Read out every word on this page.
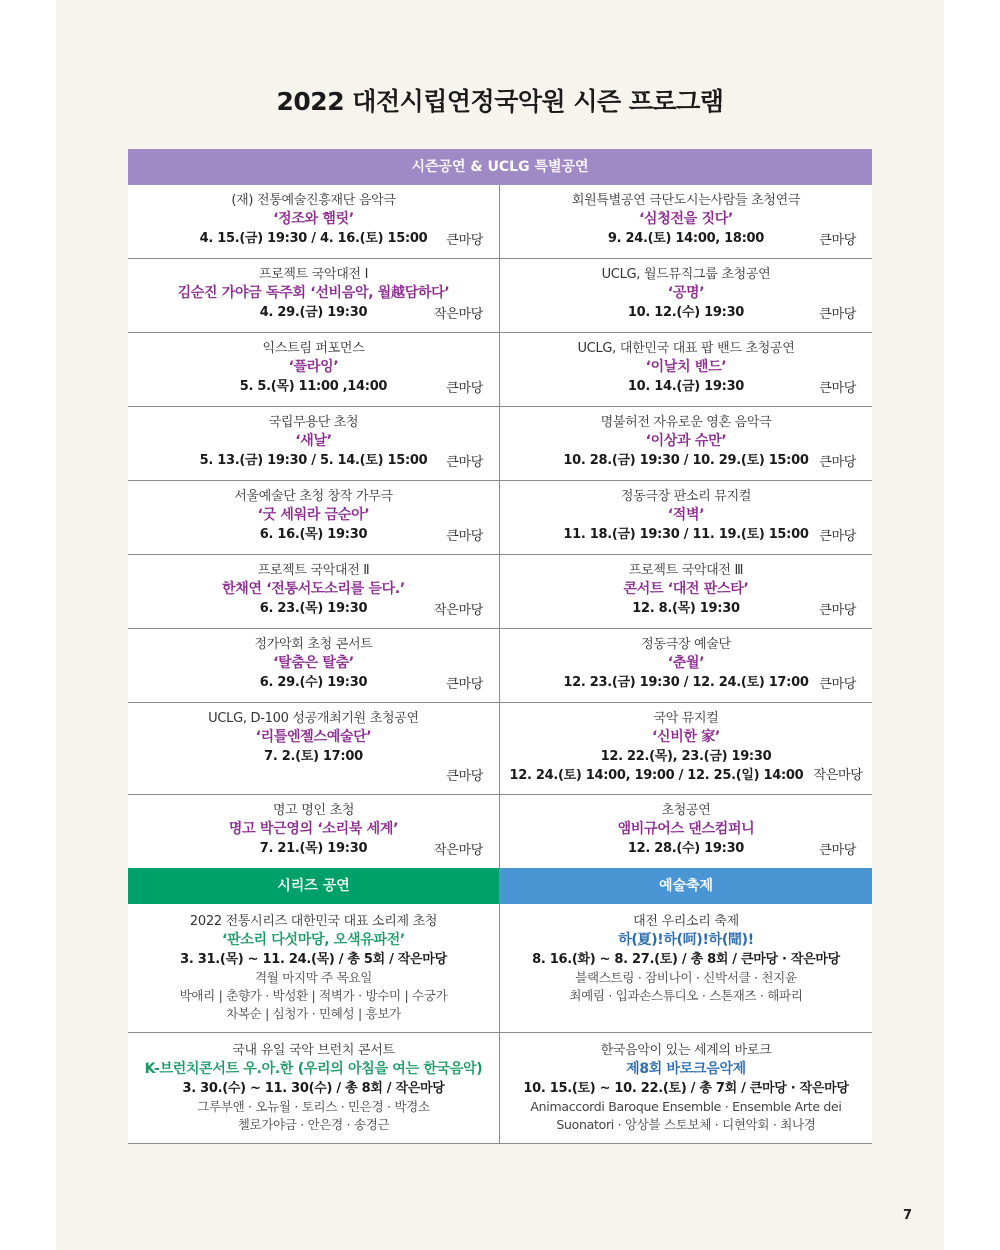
2022 대전시립연정국악원 시즌 프로그램
시즌공연 & UCLG 특별공연
(재) 전통예술진흥재단 음악극
‘정조와 햄릿’
4. 15.(금) 19:30 / 4. 16.(토) 15:00	큰마당
회원특별공연 극단도시는사람들 초청연극
‘심청전을 짓다’
9. 24.(토) 14:00, 18:00	큰마당
프로젝트 국악대전 Ⅰ
김순진 가야금 독주회 ‘선비음악, 월越담하다’
4. 29.(금) 19:30	작은마당
UCLG, 월드뮤직그룹 초청공연
‘공명’
10. 12.(수) 19:30	큰마당
익스트림 퍼포먼스
‘플라잉’
5. 5.(목) 11:00 ,14:00	큰마당
UCLG, 대한민국 대표 팝 밴드 초청공연
‘이날치 밴드’
10. 14.(금) 19:30	큰마당
국립무용단 초청
‘새날’
5. 13.(금) 19:30 / 5. 14.(토) 15:00	큰마당
명불허전 자유로운 영혼 음악극
‘이상과 슈만’
10. 28.(금) 19:30 / 10. 29.(토) 15:00 큰마당
서울예술단 초청 창작 가무극
‘굿 세워라 금순아’
6. 16.(목) 19:30	큰마당
정동극장 판소리 뮤지컬
‘적벽’
11. 18.(금) 19:30 / 11. 19.(토) 15:00 큰마당
프로젝트 국악대전 Ⅱ
한채연 ‘전통서도소리를 듣다.’
6. 23.(목) 19:30	작은마당
프로젝트 국악대전 Ⅲ
콘서트 ‘대전 판스타’
12. 8.(목) 19:30	큰마당
정가악회 초청 콘서트
‘탈춤은 탈춤’
6. 29.(수) 19:30	큰마당
정동극장 예술단
‘춘월’
12. 23.(금) 19:30 / 12. 24.(토) 17:00 큰마당
UCLG, D-100 성공개최기원 초청공연
‘리틀엔젤스예술단’
7. 2.(토) 17:00
큰마당
국악 뮤지컬
‘신비한 家’
12. 22.(목), 23.(금) 19:30
12. 24.(토) 14:00, 19:00 / 12. 25.(일) 14:00 작은마당
명고 명인 초청
명고 박근영의 ‘소리북 세계’
7. 21.(목) 19:30	작은마당
초청공연
앰비규어스 댄스컴퍼니
12. 28.(수) 19:30	큰마당
시리즈 공연	예술축제
2022 전통시리즈 대한민국 대표 소리제 초청
‘판소리 다섯마당, 오색유파전’
3. 31.(목) ~ 11. 24.(목) / 총 5회 / 작은마당
격월 마지막 주 목요일
박애리 | 춘향가 · 박성환 | 적벽가 · 방수미 | 수궁가
차복순 | 심청가 · 민혜성 | 흥보가
대전 우리소리 축제
하(夏)!하(呵)!하(閜)!
8. 16.(화) ~ 8. 27.(토) / 총 8회 / 큰마당 · 작은마당
블랙스트링 · 잠비나이 · 신박서클 · 천지윤
최예림 · 입과손스튜디오 · 스톤재즈 · 해파리
국내 유일 국악 브런치 콘서트
K-브런치콘서트 우.아.한 (우리의 아침을 여는 한국음악)
3. 30.(수) ~ 11. 30(수) / 총 8회 / 작은마당
그루부앤 · 오뉴월 · 토리스 · 민은경 · 박경소
첼로가야금 · 안은경 · 송경근
한국음악이 있는 세계의 바로크
제8회 바로크음악제
10. 15.(토) ~ 10. 22.(토) / 총 7회 / 큰마당 · 작은마당
Animaccordi Baroque Ensemble · Ensemble Arte dei
Suonatori · 앙상블 스토보체 · 디현악회 · 최나경
7
